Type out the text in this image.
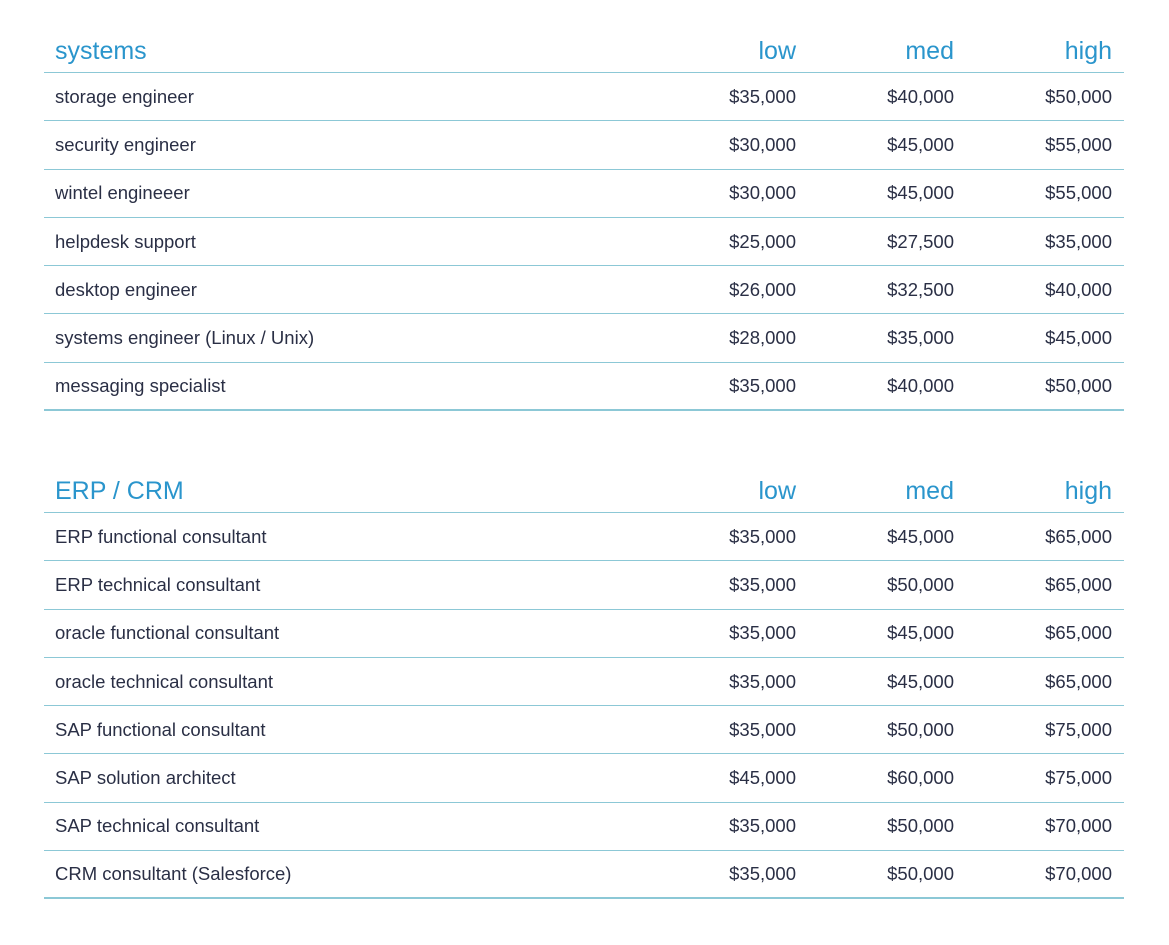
systems	low	med	high
storage engineer	$35,000	$40,000	$50,000
security engineer	$30,000	$45,000	$55,000
wintel engineeer	$30,000	$45,000	$55,000
helpdesk support	$25,000	$27,500	$35,000
desktop engineer	$26,000	$32,500	$40,000
systems engineer (Linux / Unix)	$28,000	$35,000	$45,000
messaging specialist	$35,000	$40,000	$50,000
ERP / CRM	low	med	high
ERP functional consultant	$35,000	$45,000	$65,000
ERP technical consultant	$35,000	$50,000	$65,000
oracle functional consultant	$35,000	$45,000	$65,000
oracle technical consultant	$35,000	$45,000	$65,000
SAP functional consultant	$35,000	$50,000	$75,000
SAP solution architect	$45,000	$60,000	$75,000
SAP technical consultant	$35,000	$50,000	$70,000
CRM consultant (Salesforce)	$35,000	$50,000	$70,000
